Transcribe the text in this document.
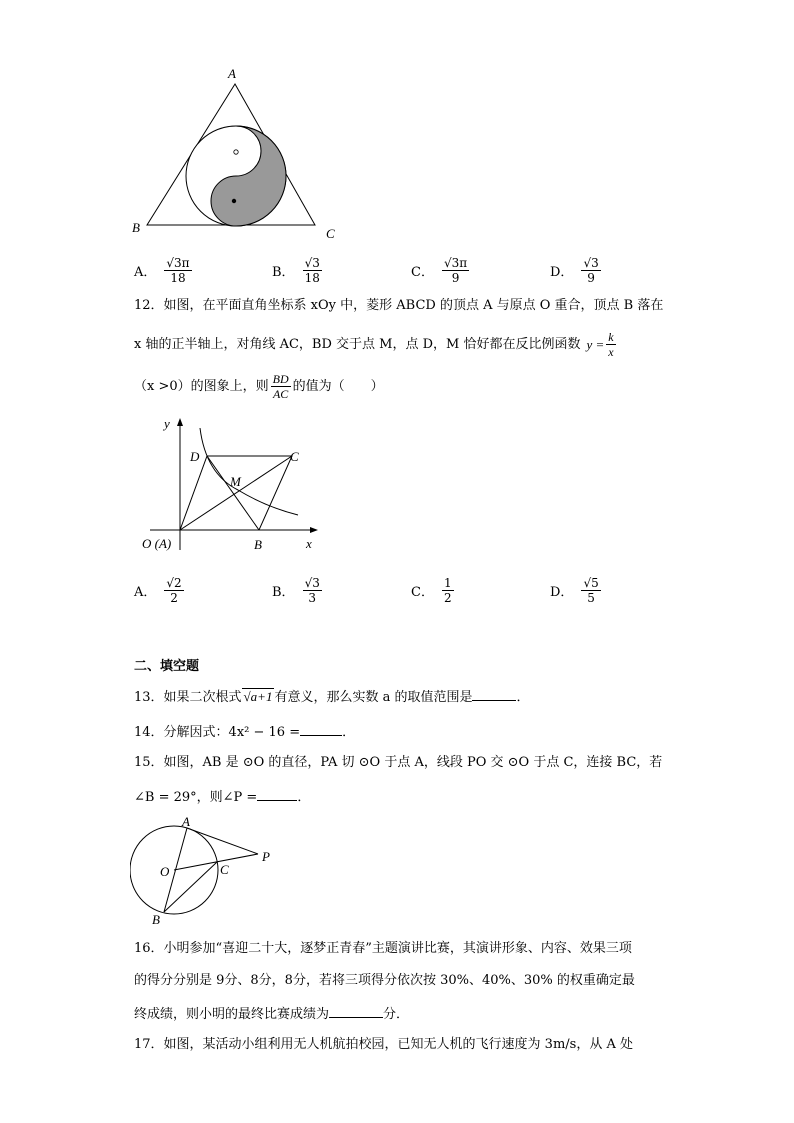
A
B	C
A． $\frac{√3\pi}{18}$	B． $\frac{√3}{18}$	C． $\frac{√3\pi}{9}$	D． $\frac{√3}{9}$
12．如图，在平面直角坐标系 xOy 中，菱形 ABCD 的顶点 A 与原点 O 重合，顶点 B 落在
x 轴的正半轴上，对角线 AC，BD 交于点 M，点 D，M 恰好都在反比例函数 $y = \frac{k}{x}$
（x >0）的图象上，则 $\frac{BD}{AC}$ 的值为（　　）
y
x
D	C
M
O (A)	B
A． $\frac{√2}{2}$	B． $\frac{√3}{3}$	C． $\frac{1}{2}$	D． $\frac{√5}{5}$
二、填空题
13．如果二次根式 √a+1 有意义，那么实数 a 的取值范围是	．
14．分解因式：4x² − 16 =	．
15．如图，AB 是 ⊙O 的直径，PA 切 ⊙O 于点 A，线段 PO 交 ⊙O 于点 C，连接 BC，若
∠B = 29°，则∠P =	．
A
P
O	C
B
16．小明参加“喜迎二十大，逐梦正青春”主题演讲比赛，其演讲形象、内容、效果三项
的得分分别是 9分、8分，8分，若将三项得分依次按 30%、40%、30% 的权重确定最
终成绩，则小明的最终比赛成绩为	分．
17．如图，某活动小组利用无人机航拍校园，已知无人机的飞行速度为 3m/s，从 A 处
